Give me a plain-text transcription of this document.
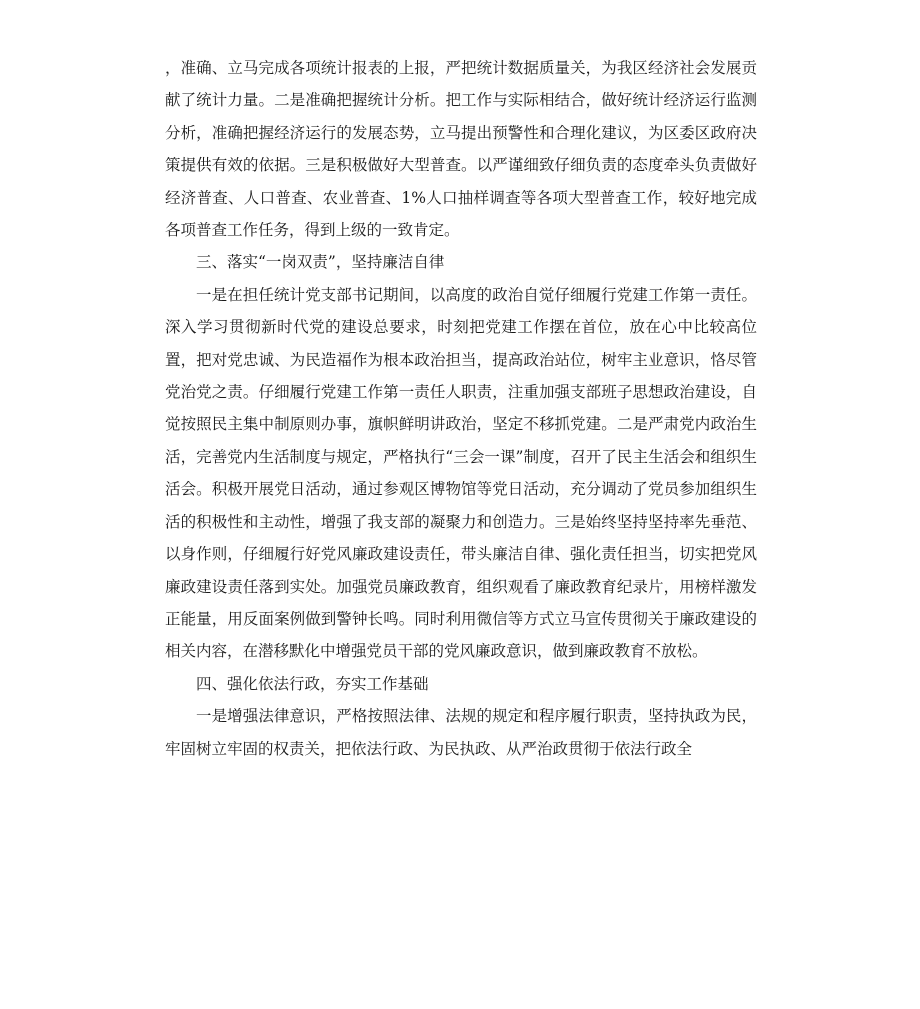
，准确、立马完成各项统计报表的上报，严把统计数据质量关，为我区经济社会发展贡献了统计力量。二是准确把握统计分析。把工作与实际相结合，做好统计经济运行监测分析，准确把握经济运行的发展态势，立马提出预警性和合理化建议，为区委区政府决策提供有效的依据。三是积极做好大型普查。以严谨细致仔细负责的态度牵头负责做好经济普查、人口普查、农业普查、1%人口抽样调查等各项大型普查工作，较好地完成各项普查工作任务，得到上级的一致肯定。

三、落实“一岗双责”，坚持廉洁自律

一是在担任统计党支部书记期间，以高度的政治自觉仔细履行党建工作第一责任。深入学习贯彻新时代党的建设总要求，时刻把党建工作摆在首位，放在心中比较高位置，把对党忠诚、为民造福作为根本政治担当，提高政治站位，树牢主业意识，恪尽管党治党之责。仔细履行党建工作第一责任人职责，注重加强支部班子思想政治建设，自觉按照民主集中制原则办事，旗帜鲜明讲政治，坚定不移抓党建。二是严肃党内政治生活，完善党内生活制度与规定，严格执行“三会一课”制度，召开了民主生活会和组织生活会。积极开展党日活动，通过参观区博物馆等党日活动，充分调动了党员参加组织生活的积极性和主动性，增强了我支部的凝聚力和创造力。三是始终坚持坚持率先垂范、以身作则，仔细履行好党风廉政建设责任，带头廉洁自律、强化责任担当，切实把党风廉政建设责任落到实处。加强党员廉政教育，组织观看了廉政教育纪录片，用榜样激发正能量，用反面案例做到警钟长鸣。同时利用微信等方式立马宣传贯彻关于廉政建设的相关内容，在潜移默化中增强党员干部的党风廉政意识，做到廉政教育不放松。

四、强化依法行政，夯实工作基础

一是增强法律意识，严格按照法律、法规的规定和程序履行职责，坚持执政为民，牢固树立牢固的权责关，把依法行政、为民执政、从严治政贯彻于依法行政全
